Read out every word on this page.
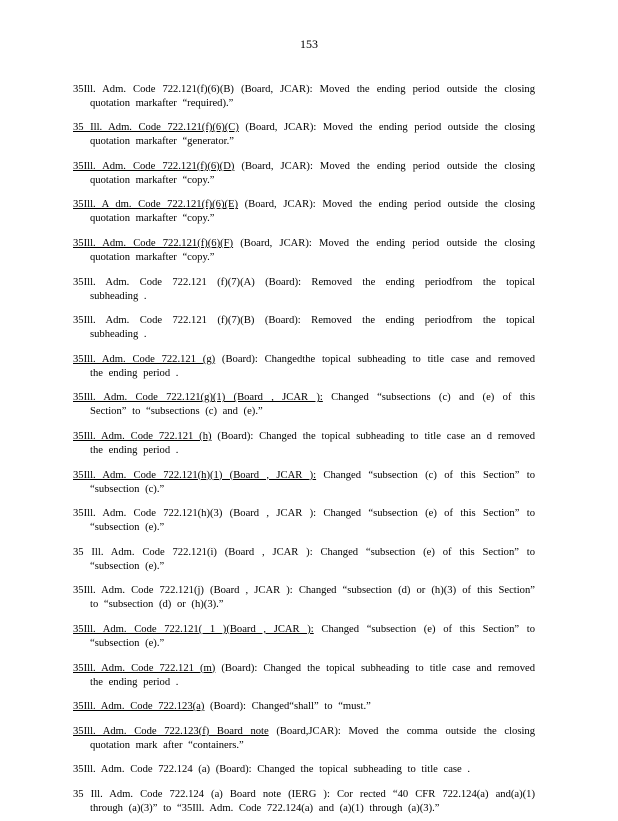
153

35Ill. Adm. Code 722.121(f)(6)(B) (Board, JCAR): Moved the ending period outside the closing quotation markafter “required).”

35 Ill. Adm. Code 722.121(f)(6)(C) (Board, JCAR): Moved the ending period outside the closing quotation markafter “generator.”

35Ill. Adm. Code 722.121(f)(6)(D) (Board, JCAR): Moved the ending period outside the closing quotation markafter “copy.”

35Ill. A dm. Code 722.121(f)(6)(E) (Board, JCAR): Moved the ending period outside the closing quotation markafter “copy.”

35Ill. Adm. Code 722.121(f)(6)(F) (Board, JCAR): Moved the ending period outside the closing quotation markafter “copy.”

35Ill. Adm. Code 722.121 (f)(7)(A) (Board): Removed the ending periodfrom the topical subheading .

35Ill. Adm. Code 722.121 (f)(7)(B) (Board): Removed the ending periodfrom the topical subheading .

35Ill. Adm. Code 722.121 (g) (Board): Changedthe topical subheading to title case and removed the ending period .

35Ill. Adm. Code 722.121(g)(1) (Board , JCAR ): Changed “subsections (c) and (e) of this Section” to “subsections (c) and (e).”

35Ill. Adm. Code 722.121 (h) (Board): Changed the topical subheading to title case an d removed the ending period .

35Ill. Adm. Code 722.121(h)(1) (Board , JCAR ): Changed “subsection (c) of this Section” to “subsection (c).”

35Ill. Adm. Code 722.121(h)(3) (Board , JCAR ): Changed “subsection (e) of this Section” to “subsection (e).”

35 Ill. Adm. Code 722.121(i) (Board , JCAR ): Changed “subsection (e) of this Section” to “subsection (e).”

35Ill. Adm. Code 722.121(j) (Board , JCAR ): Changed “subsection (d) or (h)(3) of this Section” to “subsection (d) or (h)(3).”

35Ill. Adm. Code 722.121( 1 )(Board , JCAR ): Changed “subsection (e) of this Section” to “subsection (e).”

35Ill. Adm. Code 722.121 (m) (Board): Changed the topical subheading to title case and removed the ending period .

35Ill. Adm. Code 722.123(a) (Board): Changed“shall” to “must.”

35Ill. Adm. Code 722.123(f) Board note (Board,JCAR): Moved the comma outside the closing quotation mark after “containers.”

35Ill. Adm. Code 722.124 (a) (Board): Changed the topical subheading to title case .

35 Ill. Adm. Code 722.124 (a) Board note (IERG ): Cor rected “40 CFR 722.124(a) and(a)(1) through (a)(3)” to “35Ill. Adm. Code 722.124(a) and (a)(1) through (a)(3).”
